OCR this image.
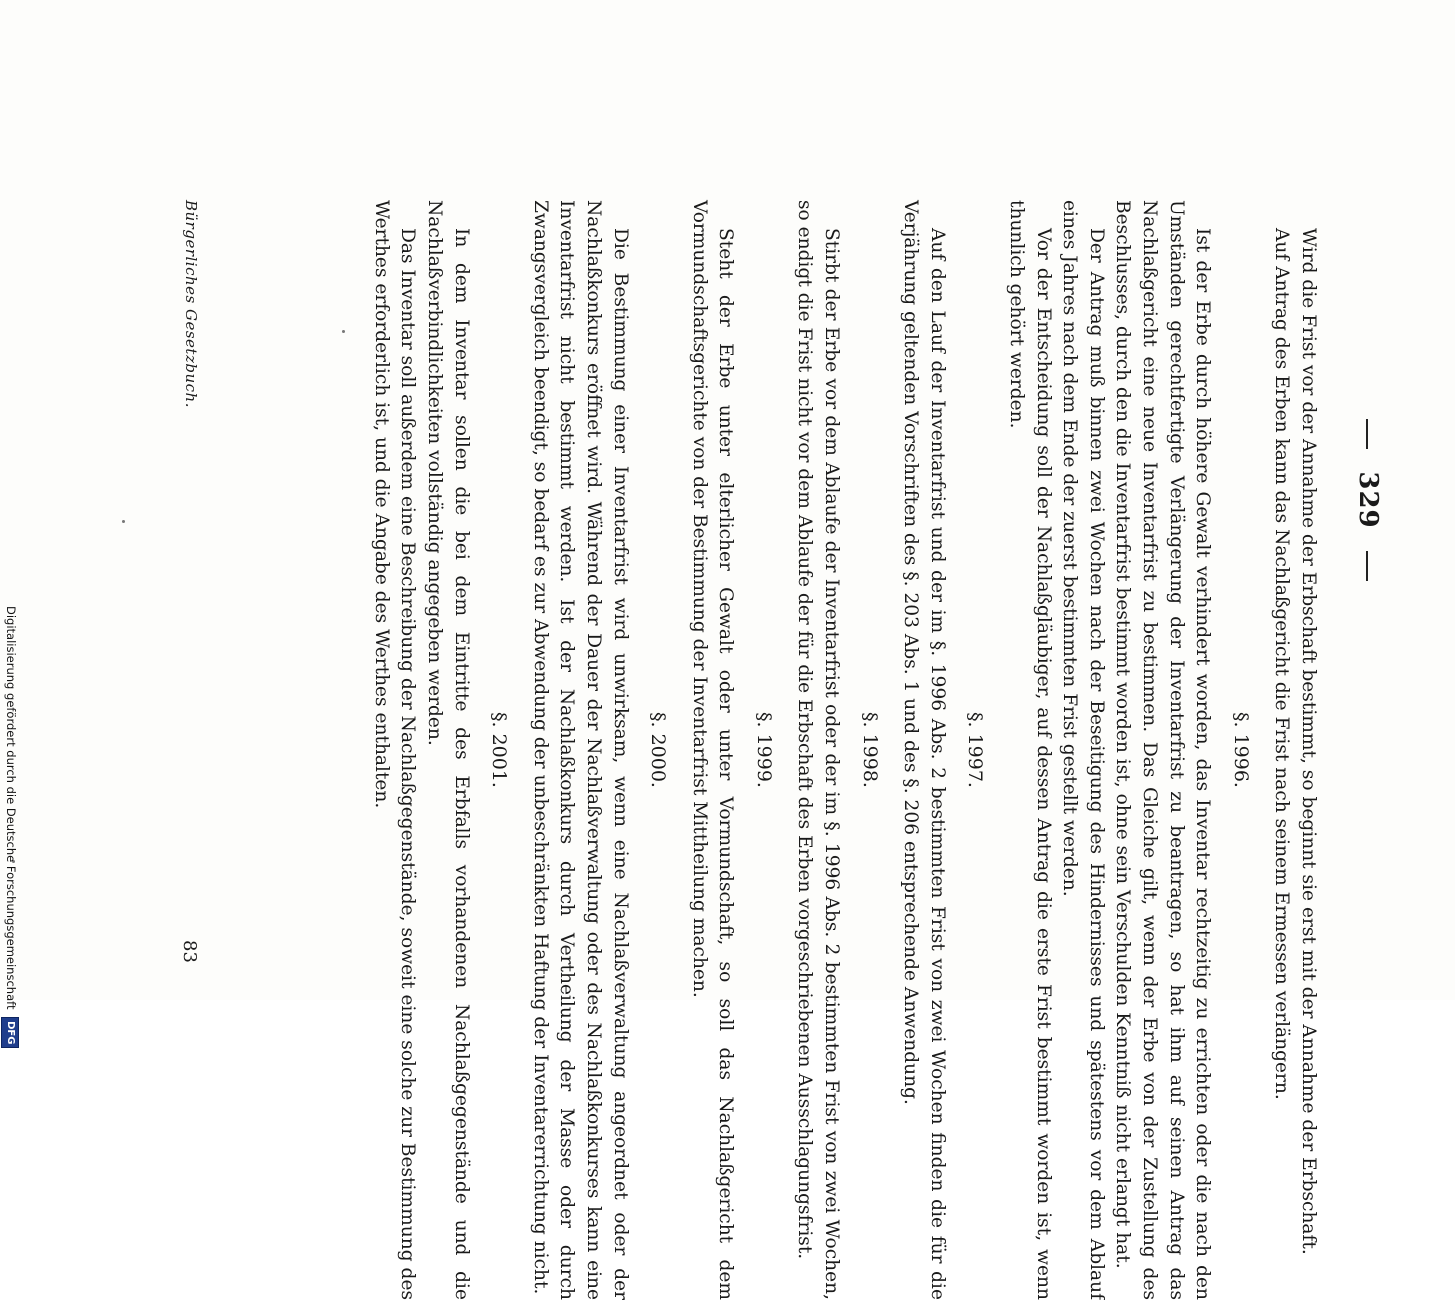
329

Wird die Frist vor der Annahme der Erbschaft bestimmt, so beginnt sie erst mit der Annahme der Erbschaft.

Auf Antrag des Erben kann das Nachlaßgericht die Frist nach seinem Ermessen verlängern.

§. 1996.

Ist der Erbe durch höhere Gewalt verhindert worden, das Inventar rechtzeitig zu errichten oder die nach den Umständen gerechtfertigte Verlängerung der Inventarfrist zu beantragen, so hat ihm auf seinen Antrag das Nachlaßgericht eine neue Inventarfrist zu bestimmen. Das Gleiche gilt, wenn der Erbe von der Zustellung des Beschlusses, durch den die Inventarfrist bestimmt worden ist, ohne sein Verschulden Kenntniß nicht erlangt hat.

Der Antrag muß binnen zwei Wochen nach der Beseitigung des Hindernisses und spätestens vor dem Ablauf eines Jahres nach dem Ende der zuerst bestimmten Frist gestellt werden.

Vor der Entscheidung soll der Nachlaßgläubiger, auf dessen Antrag die erste Frist bestimmt worden ist, wenn thunlich gehört werden.

§. 1997.

Auf den Lauf der Inventarfrist und der im §. 1996 Abs. 2 bestimmten Frist von zwei Wochen finden die für die Verjährung geltenden Vorschriften des §. 203 Abs. 1 und des §. 206 entsprechende Anwendung.

§. 1998.

Stirbt der Erbe vor dem Ablaufe der Inventarfrist oder der im §. 1996 Abs. 2 bestimmten Frist von zwei Wochen, so endigt die Frist nicht vor dem Ablaufe der für die Erbschaft des Erben vorgeschriebenen Ausschlagungsfrist.

§. 1999.

Steht der Erbe unter elterlicher Gewalt oder unter Vormundschaft, so soll das Nachlaßgericht dem Vormundschaftsgerichte von der Bestimmung der Inventarfrist Mittheilung machen.

§. 2000.

Die Bestimmung einer Inventarfrist wird unwirksam, wenn eine Nachlaßverwaltung angeordnet oder der Nachlaßkonkurs eröffnet wird. Während der Dauer der Nachlaßverwaltung oder des Nachlaßkonkurses kann eine Inventarfrist nicht bestimmt werden. Ist der Nachlaßkonkurs durch Vertheilung der Masse oder durch Zwangsvergleich beendigt, so bedarf es zur Abwendung der unbeschränkten Haftung der Inventarerrichtung nicht.

§. 2001.

In dem Inventar sollen die bei dem Eintritte des Erbfalls vorhandenen Nachlaßgegenstände und die Nachlaßverbindlichkeiten vollständig angegeben werden.

Das Inventar soll außerdem eine Beschreibung der Nachlaßgegenstände, soweit eine solche zur Bestimmung des Werthes erforderlich ist, und die Angabe des Werthes enthalten.

Bürgerliches Gesetzbuch.
83
Digitalisierung gefördert durch die Deutsche Forschungsgemeinschaft DFG
